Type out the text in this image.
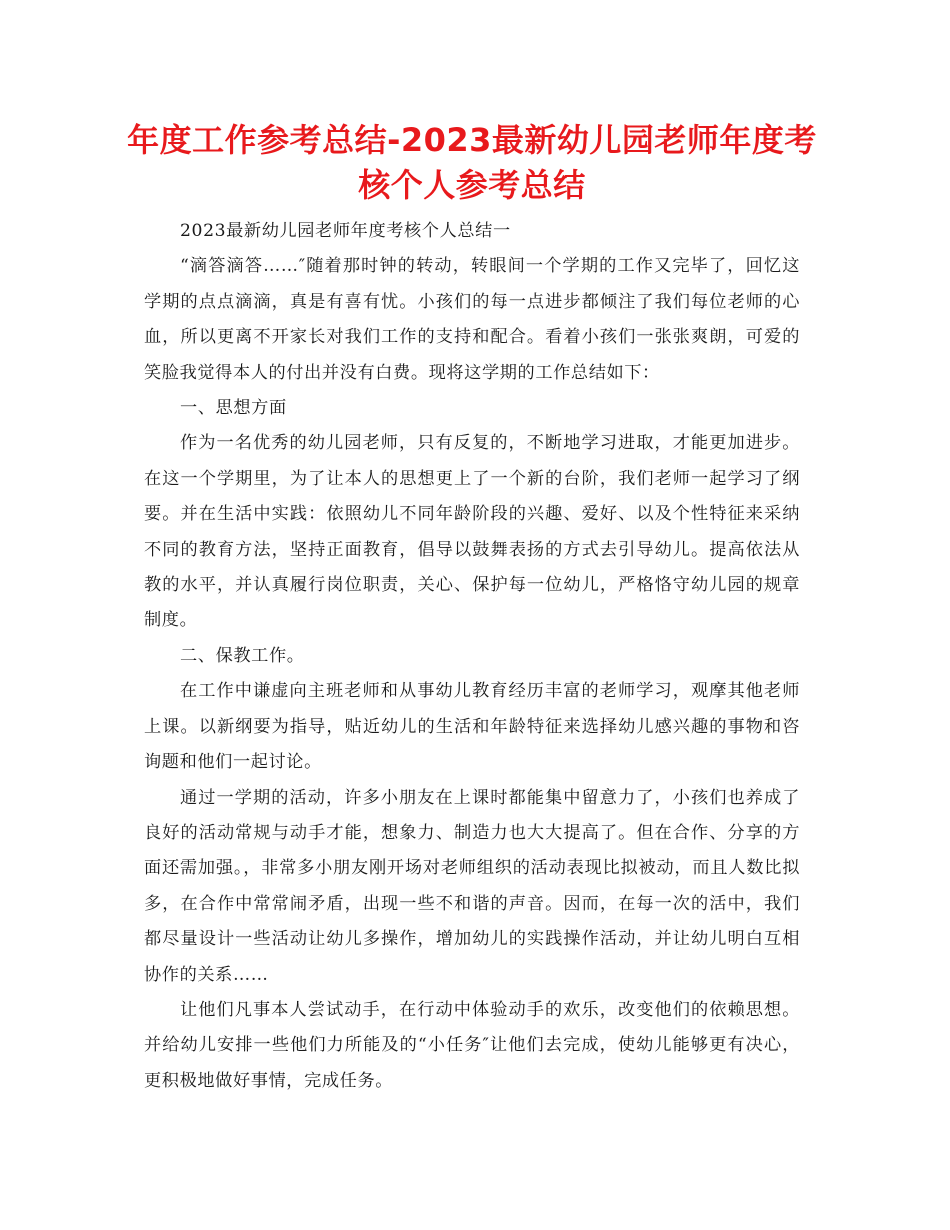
年度工作参考总结-2023最新幼儿园老师年度考核个人参考总结

2023最新幼儿园老师年度考核个人总结一

“滴答滴答……″随着那时钟的转动，转眼间一个学期的工作又完毕了，回忆这学期的点点滴滴，真是有喜有忧。小孩们的每一点进步都倾注了我们每位老师的心血，所以更离不开家长对我们工作的支持和配合。看着小孩们一张张爽朗，可爱的笑脸我觉得本人的付出并没有白费。现将这学期的工作总结如下：

一、思想方面

作为一名优秀的幼儿园老师，只有反复的，不断地学习进取，才能更加进步。在这一个学期里，为了让本人的思想更上了一个新的台阶，我们老师一起学习了纲要。并在生活中实践：依照幼儿不同年龄阶段的兴趣、爱好、以及个性特征来采纳不同的教育方法，坚持正面教育，倡导以鼓舞表扬的方式去引导幼儿。提高依法从教的水平，并认真履行岗位职责，关心、保护每一位幼儿，严格恪守幼儿园的规章制度。

二、保教工作。

在工作中谦虚向主班老师和从事幼儿教育经历丰富的老师学习，观摩其他老师上课。以新纲要为指导，贴近幼儿的生活和年龄特征来选择幼儿感兴趣的事物和咨询题和他们一起讨论。

通过一学期的活动，许多小朋友在上课时都能集中留意力了，小孩们也养成了良好的活动常规与动手才能，想象力、制造力也大大提高了。但在合作、分享的方面还需加强。，非常多小朋友刚开场对老师组织的活动表现比拟被动，而且人数比拟多，在合作中常常闹矛盾，出现一些不和谐的声音。因而，在每一次的活中，我们都尽量设计一些活动让幼儿多操作，增加幼儿的实践操作活动，并让幼儿明白互相协作的关系……

让他们凡事本人尝试动手，在行动中体验动手的欢乐，改变他们的依赖思想。并给幼儿安排一些他们力所能及的“小任务″让他们去完成，使幼儿能够更有决心，更积极地做好事情，完成任务。
